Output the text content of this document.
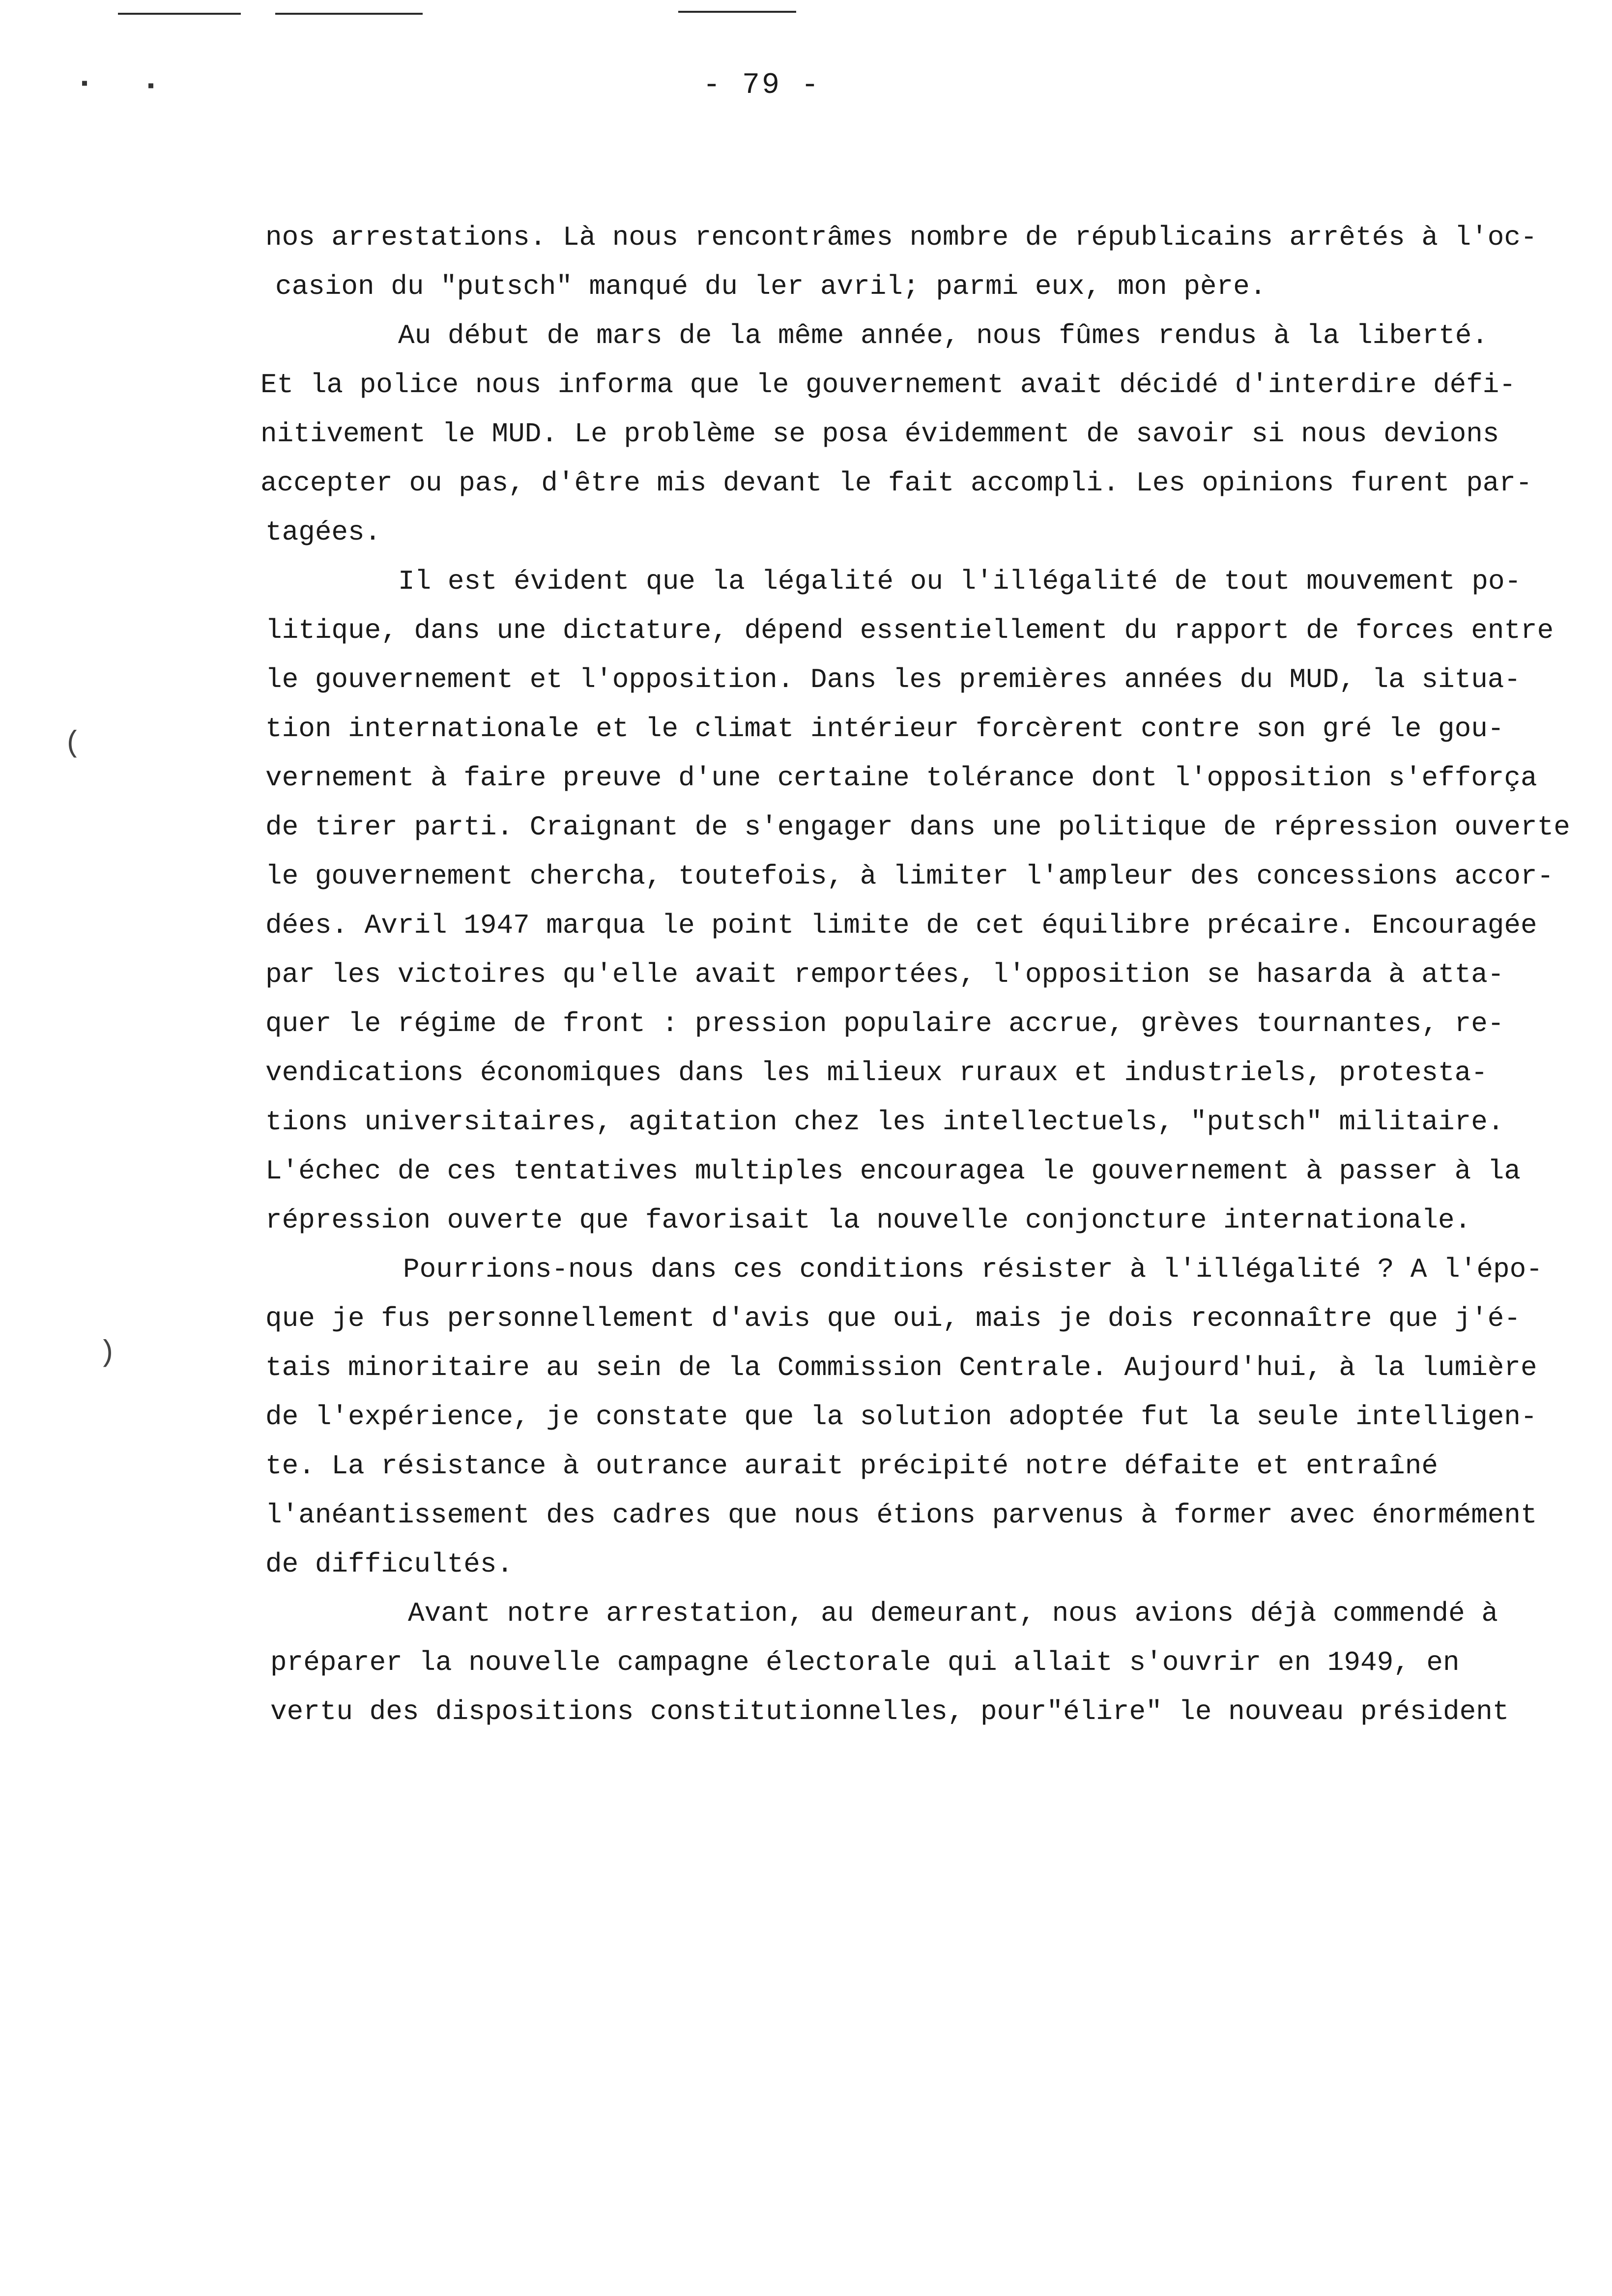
▪	▪
(
)
- 79 -
nos arrestations. Là nous rencontrâmes nombre de républicains arrêtés à l'oc-
casion du "putsch" manqué du ler avril; parmi eux, mon père.
Au début de mars de la même année, nous fûmes rendus à la liberté.
Et la police nous informa que le gouvernement avait décidé d'interdire défi-
nitivement le MUD. Le problème se posa évidemment de savoir si nous devions
accepter ou pas, d'être mis devant le fait accompli. Les opinions furent par-
tagées.
Il est évident que la légalité ou l'illégalité de tout mouvement po-
litique, dans une dictature, dépend essentiellement du rapport de forces entre
le gouvernement et l'opposition. Dans les premières années du MUD, la situa-
tion internationale et le climat intérieur forcèrent contre son gré le gou-
vernement à faire preuve d'une certaine tolérance dont l'opposition s'efforça
de tirer parti. Craignant de s'engager dans une politique de répression ouverte
le gouvernement chercha, toutefois, à limiter l'ampleur des concessions accor-
dées. Avril 1947 marqua le point limite de cet équilibre précaire. Encouragée
par les victoires qu'elle avait remportées, l'opposition se hasarda à atta-
quer le régime de front : pression populaire accrue, grèves tournantes, re-
vendications économiques dans les milieux ruraux et industriels, protesta-
tions universitaires, agitation chez les intellectuels, "putsch" militaire.
L'échec de ces tentatives multiples encouragea le gouvernement à passer à la
répression ouverte que favorisait la nouvelle conjoncture internationale.
Pourrions-nous dans ces conditions résister à l'illégalité ? A l'épo-
que je fus personnellement d'avis que oui, mais je dois reconnaître que j'é-
tais minoritaire au sein de la Commission Centrale. Aujourd'hui, à la lumière
de l'expérience, je constate que la solution adoptée fut la seule intelligen-
te. La résistance à outrance aurait précipité notre défaite et entraîné
l'anéantissement des cadres que nous étions parvenus à former avec énormément
de difficultés.
Avant notre arrestation, au demeurant, nous avions déjà commendé à
préparer la nouvelle campagne électorale qui allait s'ouvrir en 1949, en
vertu des dispositions constitutionnelles, pour"élire" le nouveau président
